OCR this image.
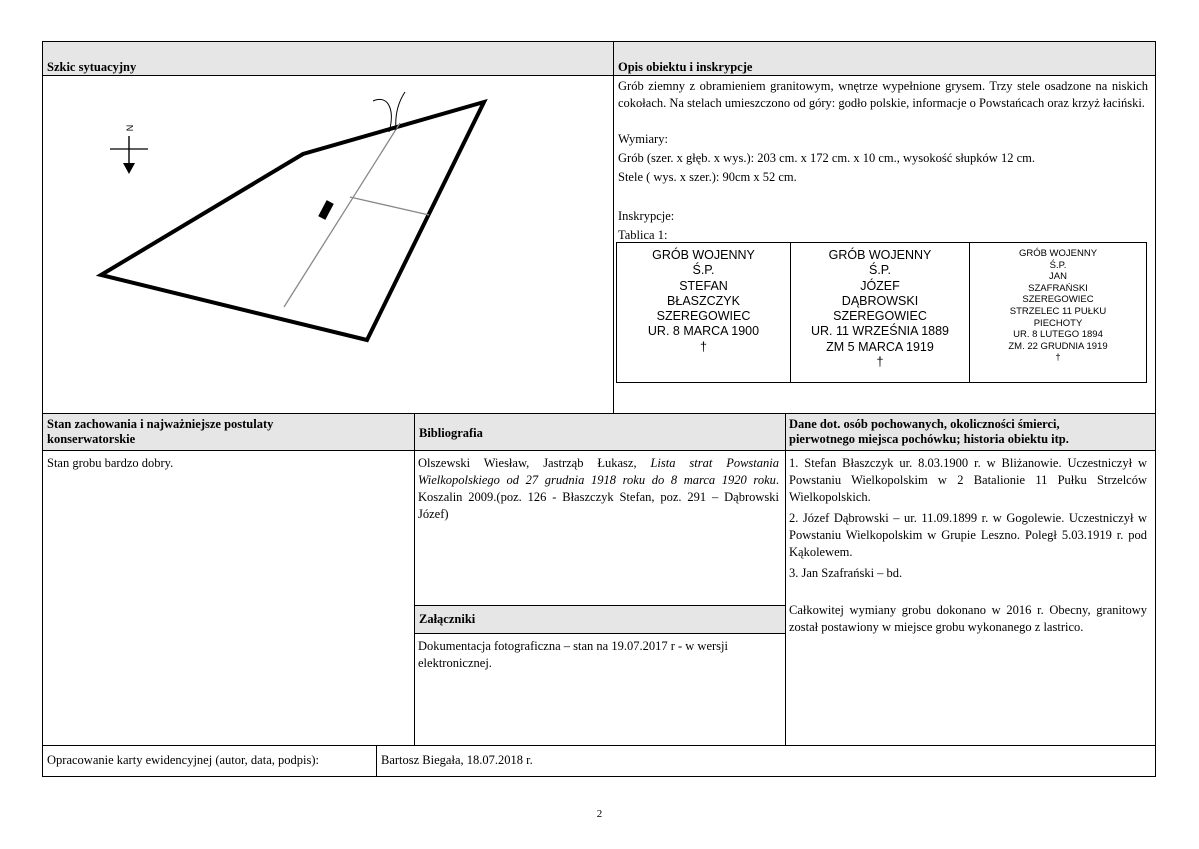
Szkic sytuacyjny
N
Opis obiektu i inskrypcje
Grób ziemny z obramieniem granitowym, wnętrze wypełnione grysem. Trzy stele osadzone na niskich cokołach. Na stelach umieszczono od góry: godło polskie, informacje o Powstańcach oraz krzyż łaciński.
Wymiary:
Grób (szer. x głęb. x wys.): 203 cm. x 172 cm. x 10 cm., wysokość słupków 12 cm.
Stele ( wys. x szer.): 90cm x 52 cm.
Inskrypcje:
Tablica 1:
GRÓB WOJENNY
Ś.P.
STEFAN
BŁASZCZYK
SZEREGOWIEC
UR. 8 MARCA 1900
†
GRÓB WOJENNY
Ś.P.
JÓZEF
DĄBROWSKI
SZEREGOWIEC
UR. 11 WRZEŚNIA 1889
ZM 5 MARCA 1919
†
GRÓB WOJENNY
Ś.P.
JAN
SZAFRAŃSKI
SZEREGOWIEC
STRZELEC 11 PUŁKU
PIECHOTY
UR. 8 LUTEGO 1894
ZM. 22 GRUDNIA 1919
†
Stan zachowania i najważniejsze postulaty
konserwatorskie
Stan grobu bardzo dobry.
Bibliografia
Olszewski Wiesław, Jastrząb Łukasz, Lista strat Powstania Wielkopolskiego od 27 grudnia 1918 roku do 8 marca 1920 roku. Koszalin 2009.(poz. 126 - Błaszczyk Stefan, poz. 291 – Dąbrowski Józef)
Załączniki
Dokumentacja fotograficzna – stan na 19.07.2017 r - w wersji elektronicznej.
Dane dot. osób pochowanych, okoliczności śmierci,
pierwotnego miejsca pochówku; historia obiektu itp.
1. Stefan Błaszczyk ur. 8.03.1900 r. w Bliżanowie. Uczestniczył w Powstaniu Wielkopolskim w 2 Batalionie 11 Pułku Strzelców Wielkopolskich.
2. Józef Dąbrowski – ur. 11.09.1899 r. w Gogolewie. Uczestniczył w Powstaniu Wielkopolskim w Grupie Leszno. Poległ 5.03.1919 r. pod Kąkolewem.
3. Jan Szafrański – bd.
Całkowitej wymiany grobu dokonano w 2016 r. Obecny, granitowy został postawiony w miejsce grobu wykonanego z lastrico.
Opracowanie karty ewidencyjnej (autor, data, podpis):	Bartosz Biegała, 18.07.2018 r.
2
